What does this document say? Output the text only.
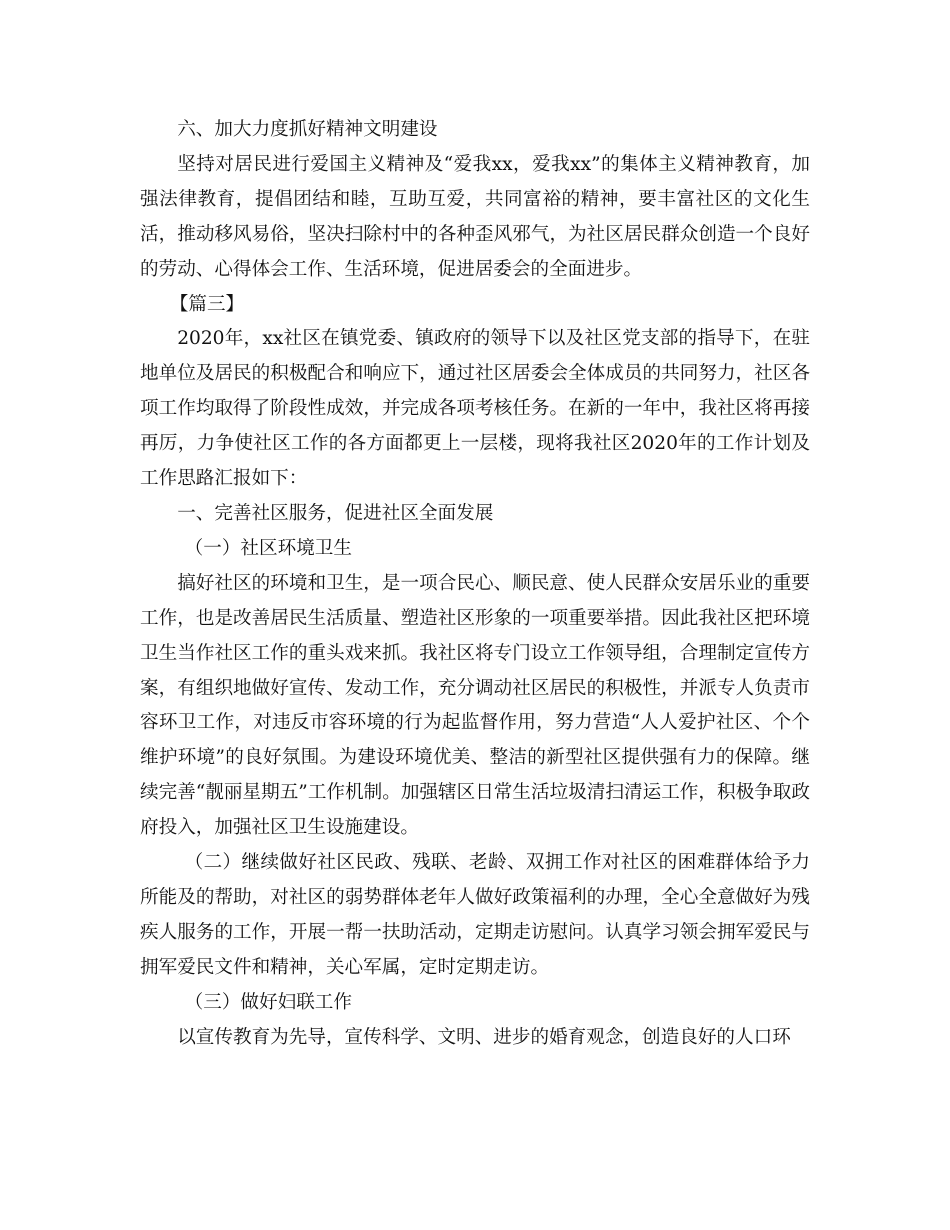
六、加大力度抓好精神文明建设

坚持对居民进行爱国主义精神及“爱我xx，爱我xx”的集体主义精神教育，加强法律教育，提倡团结和睦，互助互爱，共同富裕的精神，要丰富社区的文化生活，推动移风易俗，坚决扫除村中的各种歪风邪气，为社区居民群众创造一个良好的劳动、心得体会工作、生活环境，促进居委会的全面进步。

【篇三】

2020年，xx社区在镇党委、镇政府的领导下以及社区党支部的指导下，在驻地单位及居民的积极配合和响应下，通过社区居委会全体成员的共同努力，社区各项工作均取得了阶段性成效，并完成各项考核任务。在新的一年中，我社区将再接再厉，力争使社区工作的各方面都更上一层楼，现将我社区2020年的工作计划及工作思路汇报如下：

一、完善社区服务，促进社区全面发展

（一）社区环境卫生

搞好社区的环境和卫生，是一项合民心、顺民意、使人民群众安居乐业的重要工作，也是改善居民生活质量、塑造社区形象的一项重要举措。因此我社区把环境卫生当作社区工作的重头戏来抓。我社区将专门设立工作领导组，合理制定宣传方案，有组织地做好宣传、发动工作，充分调动社区居民的积极性，并派专人负责市容环卫工作，对违反市容环境的行为起监督作用，努力营造“人人爱护社区、个个维护环境”的良好氛围。为建设环境优美、整洁的新型社区提供强有力的保障。继续完善“靓丽星期五”工作机制。加强辖区日常生活垃圾清扫清运工作，积极争取政府投入，加强社区卫生设施建设。

（二）继续做好社区民政、残联、老龄、双拥工作对社区的困难群体给予力所能及的帮助，对社区的弱势群体老年人做好政策福利的办理，全心全意做好为残疾人服务的工作，开展一帮一扶助活动，定期走访慰问。认真学习领会拥军爱民与拥军爱民文件和精神，关心军属，定时定期走访。

（三）做好妇联工作

以宣传教育为先导，宣传科学、文明、进步的婚育观念，创造良好的人口环
